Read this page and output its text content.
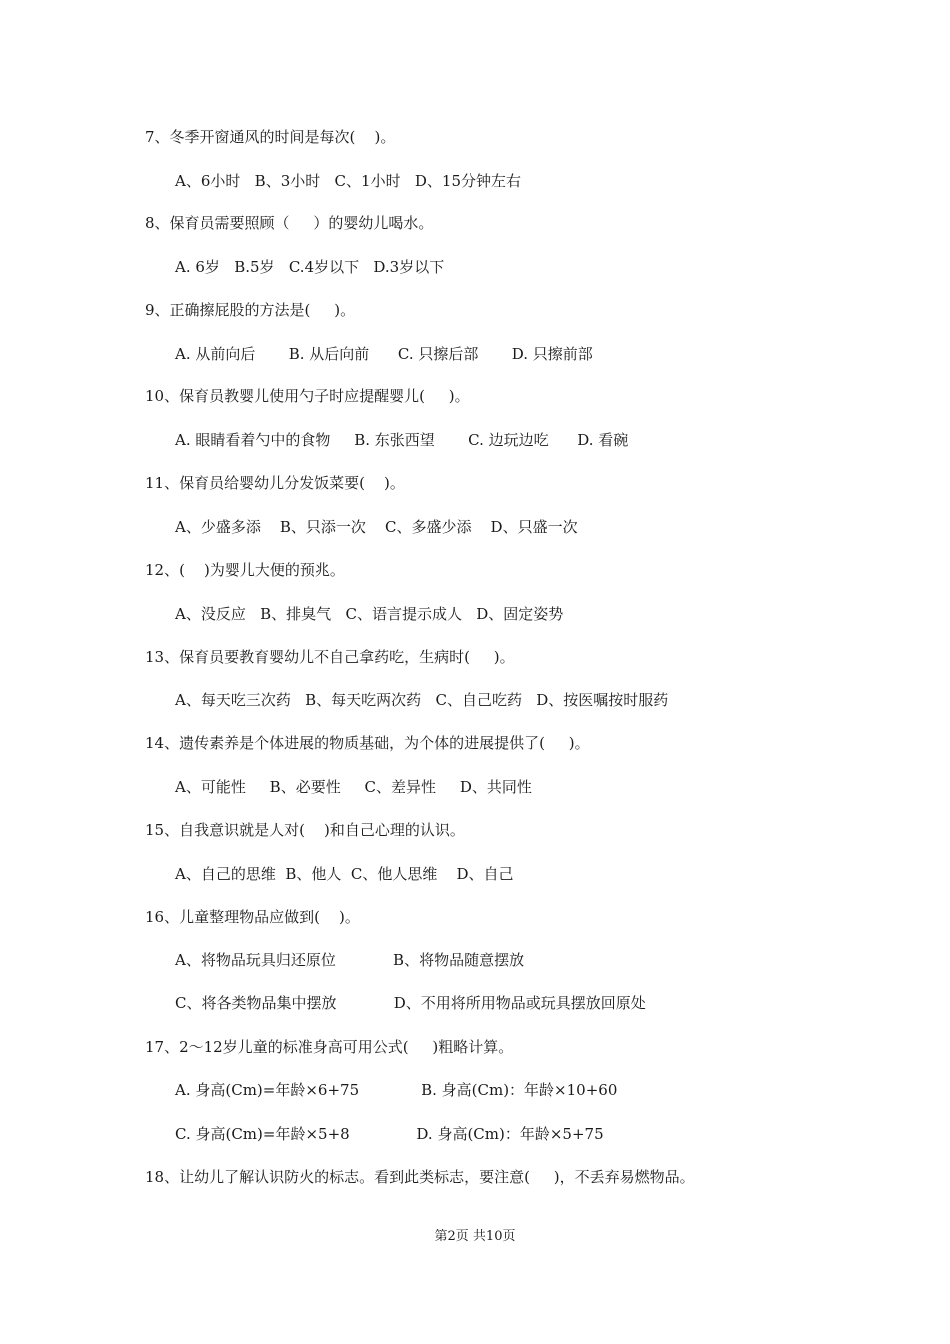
7、冬季开窗通风的时间是每次(    )。
A、6小时   B、3小时   C、1小时   D、15分钟左右
8、保育员需要照顾（     ）的婴幼儿喝水。
A. 6岁   B.5岁   C.4岁以下   D.3岁以下
9、正确擦屁股的方法是(     )。
A. 从前向后       B. 从后向前      C. 只擦后部       D. 只擦前部
10、保育员教婴儿使用勺子时应提醒婴儿(     )。
A. 眼睛看着勺中的食物     B. 东张西望       C. 边玩边吃      D. 看碗
11、保育员给婴幼儿分发饭菜要(    )。
A、少盛多添    B、只添一次    C、多盛少添    D、只盛一次
12、(    )为婴儿大便的预兆。
A、没反应   B、排臭气   C、语言提示成人   D、固定姿势
13、保育员要教育婴幼儿不自己拿药吃，生病时(     )。
A、每天吃三次药   B、每天吃两次药   C、自己吃药   D、按医嘱按时服药
14、遗传素养是个体进展的物质基础，为个体的进展提供了(     )。
A、可能性     B、必要性     C、差异性     D、共同性
15、自我意识就是人对(    )和自己心理的认识。
A、自己的思维  B、他人  C、他人思维    D、自己
16、儿童整理物品应做到(    )。
A、将物品玩具归还原位            B、将物品随意摆放
C、将各类物品集中摆放            D、不用将所用物品或玩具摆放回原处
17、2～12岁儿童的标准身高可用公式(     )粗略计算。
A. 身高(Cm)=年龄×6+75             B. 身高(Cm)：年龄×10+60
C. 身高(Cm)=年龄×5+8              D. 身高(Cm)：年龄×5+75
18、让幼儿了解认识防火的标志。看到此类标志，要注意(     )，不丢弃易燃物品。
第2页 共10页
